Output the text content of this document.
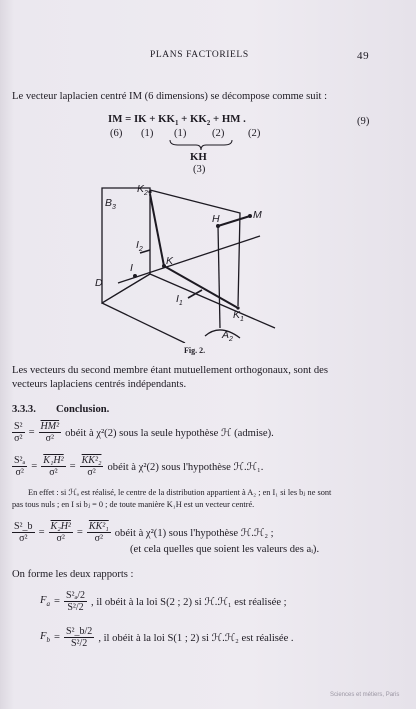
PLANS FACTORIELS	49
Le vecteur laplacien centré IM (6 dimensions) se décompose comme suit :
IM = IK + $KK_1 + KK_2$ + HM .	(9)
(6) (1) (1) (2) (2)
KH
(3)
$B_3$
$K_2$
H	M
$I_2$
D
I
K
$I_1$
$K_1$
$A_2$
Fig. 2.
Les vecteurs du second membre étant mutuellement orthogonaux, sont des
vecteurs laplaciens centrés indépendants.
3.3.3. Conclusion.
$\frac{\text{S²}}{\text{σ²}} = \frac{\text{HM²}}{\text{σ²}}$ obéit à χ²(2) sous la seule hypothèse ℋ (admise).
$\frac{\text{S²ₐ}}{\text{σ²}} = \frac{\text{K₁H²}}{\text{σ²}} = \frac{\text{KK²₂}}{\text{σ²}}$ obéit à χ²(2) sous l'hypothèse ℋ.ℋ₁.
En effet : si ℋₐ est réalisé, le centre de la distribution appartient à A₂ ; en I₁ si les bⱼ ne sont
pas tous nuls ; en I si bⱼ = 0 ; de toute manière K₁H est un vecteur centré.
$\frac{\text{S²\_b}}{\text{σ²}} = \frac{\text{K₂H²}}{\text{σ²}} = \frac{\text{KK²₁}}{\text{σ²}}$ obéit à χ²(1) sous l'hypothèse ℋ.ℋ₂ ;
(et cela quelles que soient les valeurs des aᵢ).
On forme les deux rapports :
$F_a = \frac{\text{S²ₐ/2}}{\text{S²/2}}$ , il obéit à la loi S(2 ; 2) si ℋ.ℋ₁ est réalisée ;
$F_b = \frac{\text{S²\_b/2}}{\text{S²/2}}$ , il obéit à la loi S(1 ; 2) si ℋ.ℋ₂ est réalisée .
Sciences et métiers, Paris
